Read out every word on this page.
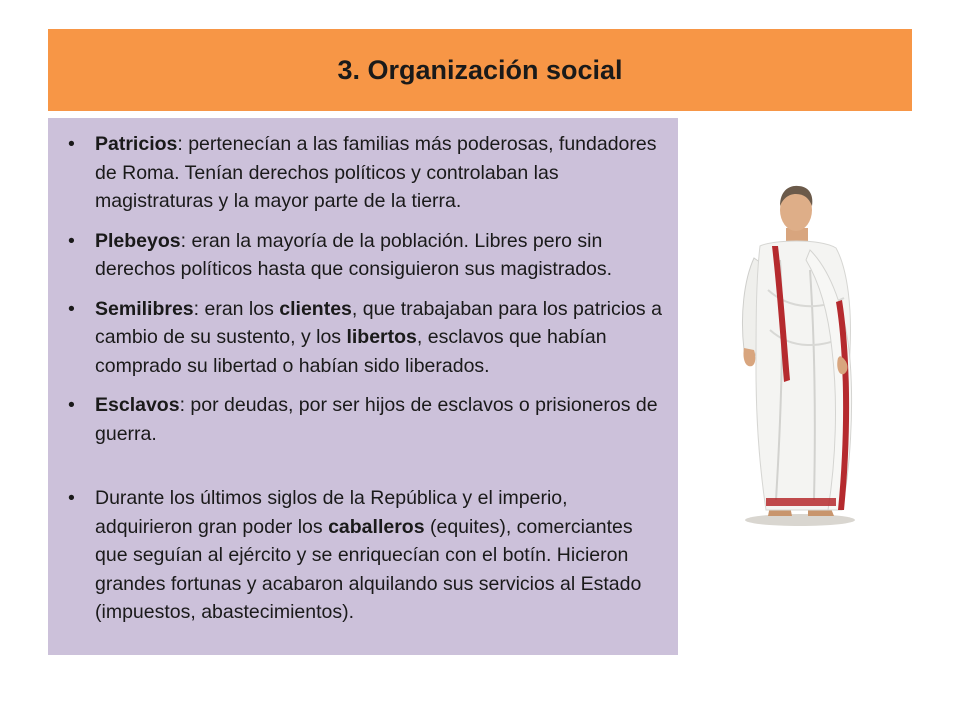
3. Organización social
•
Patricios: pertenecían a las familias más poderosas, fundadores de Roma. Tenían derechos políticos y controlaban las magistraturas y la mayor parte de la tierra.
•
Plebeyos: eran la mayoría de la población. Libres pero sin derechos políticos hasta que consiguieron sus magistrados.
•
Semilibres: eran los clientes, que trabajaban para los patricios a cambio de su sustento, y los libertos, esclavos que habían comprado su libertad o habían sido liberados.
•
Esclavos: por deudas, por ser hijos de esclavos o prisioneros de guerra.
•
Durante los últimos siglos de la República y el imperio, adquirieron gran poder los caballeros (equites), comerciantes que seguían al ejército y se enriquecían con el botín. Hicieron grandes fortunas y acabaron alquilando sus servicios al Estado (impuestos, abastecimientos).
